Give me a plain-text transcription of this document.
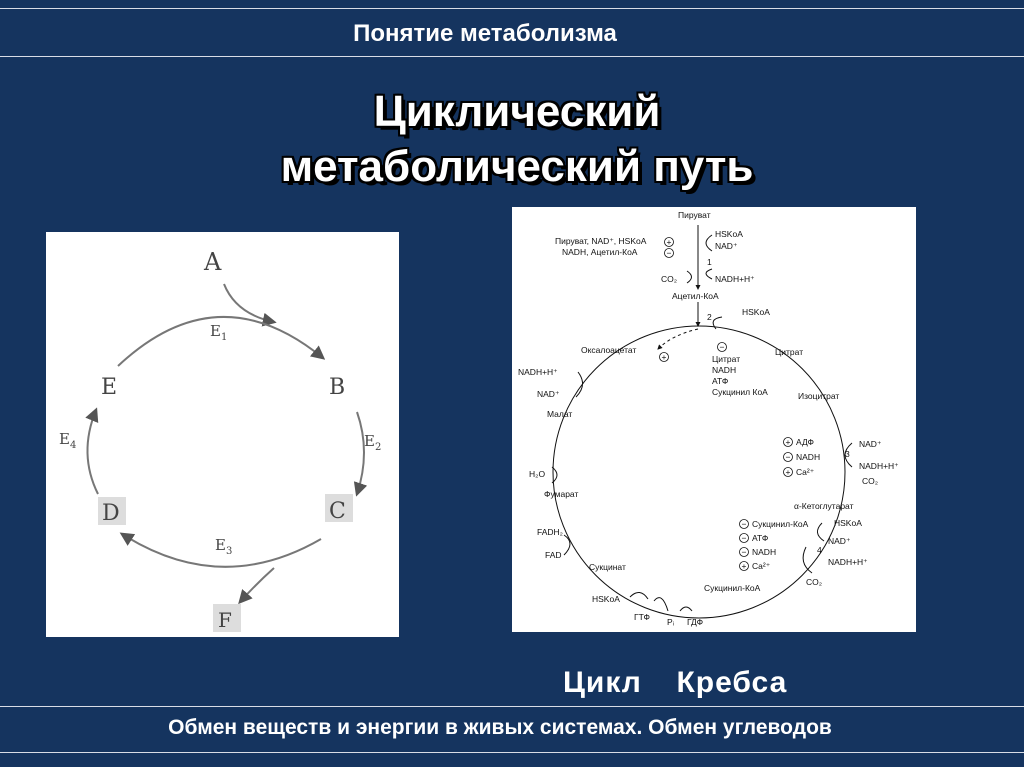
Понятие метаболизма
Циклический
метаболический путь
A
B
C
D
E
F
$E_1$
$E_2$
$E_3$
$E_4$
Пируват
Пируват, NAD⁺, HSKoA
NADH, Ацетил-КоА
HSKoA
NAD⁺
1
CO₂	NADH+H⁺
Ацетил-КоА
2	HSKoA
Оксалоацетат	Цитрат
Цитрат
NADH
АТФ
Сукцинил КоА
NADH+H⁺
NAD⁺	Изоцитрат
Малат
АДФ
NADH
Ca²⁺
3
NAD⁺
NADH+H⁺
CO₂
H₂O
Фумарат
α-Кетоглутарат
Сукцинил-КоА
АТФ
NADH
Ca²⁺
4
HSKoA
NAD⁺
NADH+H⁺
CO₂
FADH₂
FAD
Сукцинат
Сукцинил-КоА
HSKoA
ГТФ Pᵢ ГДФ
+
−
+
−
+
−
+
−
−
−
+
Цикл  Кребса
Обмен веществ и энергии в живых системах. Обмен углеводов
